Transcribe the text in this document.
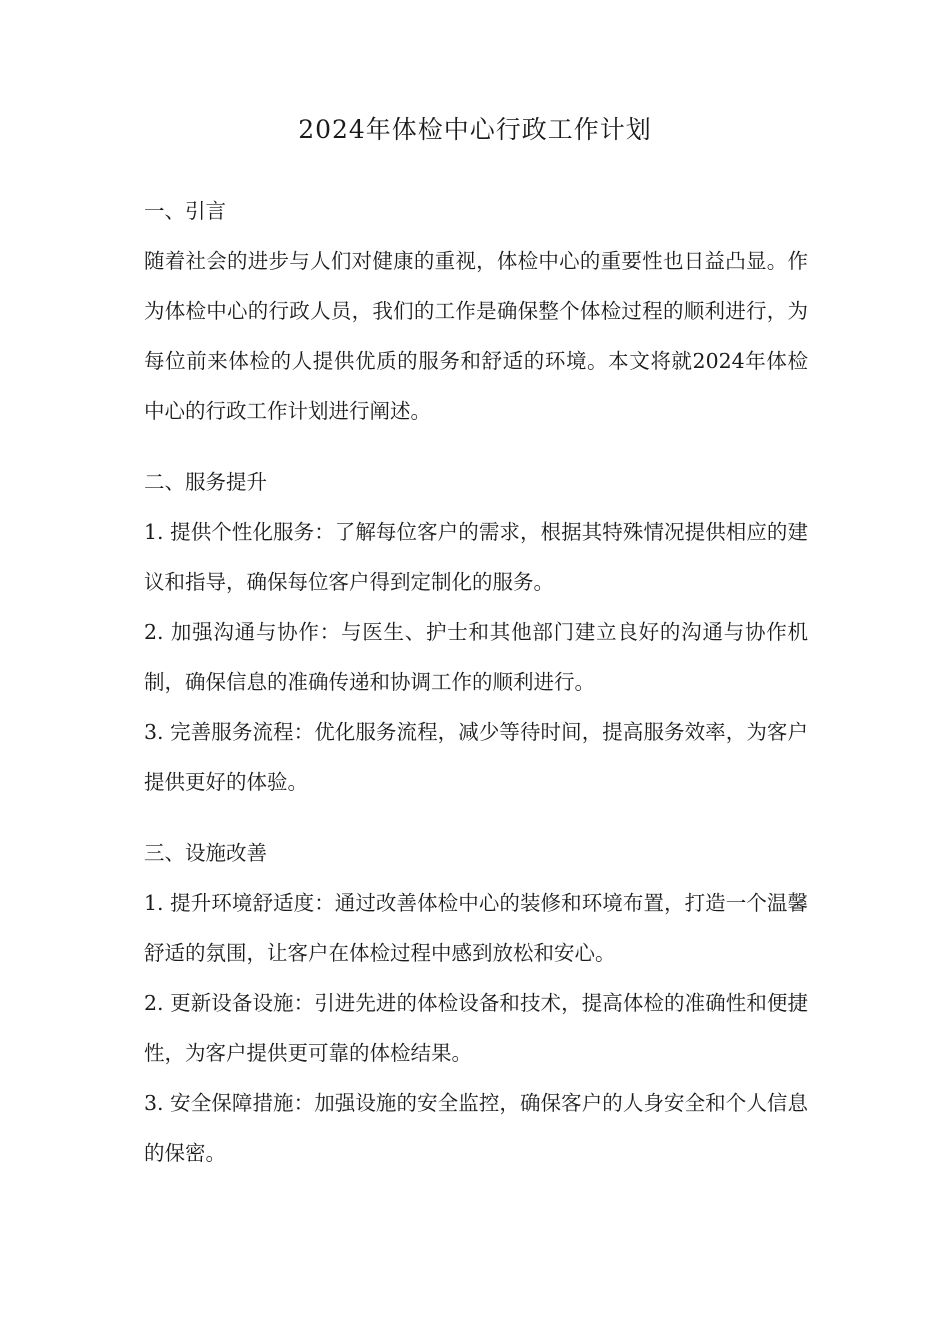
2024年体检中心行政工作计划
一、引言

随着社会的进步与人们对健康的重视，体检中心的重要性也日益凸显。作为体检中心的行政人员，我们的工作是确保整个体检过程的顺利进行，为每位前来体检的人提供优质的服务和舒适的环境。本文将就2024年体检中心的行政工作计划进行阐述。

二、服务提升

1. 提供个性化服务：了解每位客户的需求，根据其特殊情况提供相应的建议和指导，确保每位客户得到定制化的服务。

2. 加强沟通与协作：与医生、护士和其他部门建立良好的沟通与协作机制，确保信息的准确传递和协调工作的顺利进行。

3. 完善服务流程：优化服务流程，减少等待时间，提高服务效率，为客户提供更好的体验。

三、设施改善

1. 提升环境舒适度：通过改善体检中心的装修和环境布置，打造一个温馨舒适的氛围，让客户在体检过程中感到放松和安心。

2. 更新设备设施：引进先进的体检设备和技术，提高体检的准确性和便捷性，为客户提供更可靠的体检结果。

3. 安全保障措施：加强设施的安全监控，确保客户的人身安全和个人信息的保密。
